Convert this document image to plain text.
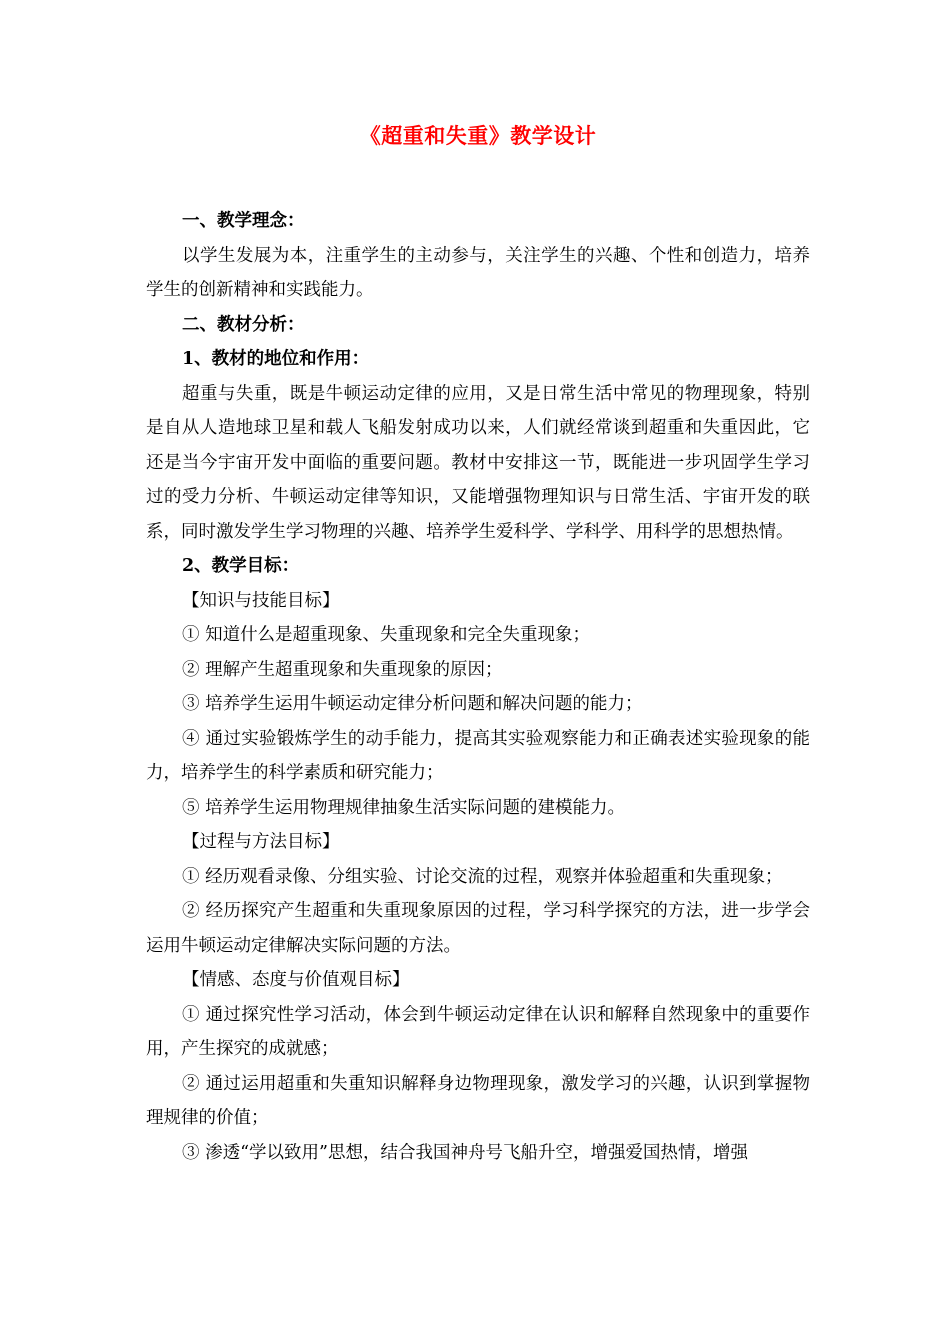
《超重和失重》教学设计

一、教学理念：

以学生发展为本，注重学生的主动参与，关注学生的兴趣、个性和创造力，培养学生的创新精神和实践能力。

二、教材分析：

1、教材的地位和作用：

超重与失重，既是牛顿运动定律的应用，又是日常生活中常见的物理现象，特别是自从人造地球卫星和载人飞船发射成功以来，人们就经常谈到超重和失重因此，它还是当今宇宙开发中面临的重要问题。教材中安排这一节，既能进一步巩固学生学习过的受力分析、牛顿运动定律等知识，又能增强物理知识与日常生活、宇宙开发的联系，同时激发学生学习物理的兴趣、培养学生爱科学、学科学、用科学的思想热情。

2、教学目标：

【知识与技能目标】

① 知道什么是超重现象、失重现象和完全失重现象；

② 理解产生超重现象和失重现象的原因；

③ 培养学生运用牛顿运动定律分析问题和解决问题的能力；

④ 通过实验锻炼学生的动手能力，提高其实验观察能力和正确表述实验现象的能力，培养学生的科学素质和研究能力；

⑤ 培养学生运用物理规律抽象生活实际问题的建模能力。

【过程与方法目标】

① 经历观看录像、分组实验、讨论交流的过程，观察并体验超重和失重现象；

② 经历探究产生超重和失重现象原因的过程，学习科学探究的方法，进一步学会运用牛顿运动定律解决实际问题的方法。

【情感、态度与价值观目标】

① 通过探究性学习活动，体会到牛顿运动定律在认识和解释自然现象中的重要作用，产生探究的成就感；

② 通过运用超重和失重知识解释身边物理现象，激发学习的兴趣，认识到掌握物理规律的价值；

③ 渗透“学以致用”思想，结合我国神舟号飞船升空，增强爱国热情，增强
